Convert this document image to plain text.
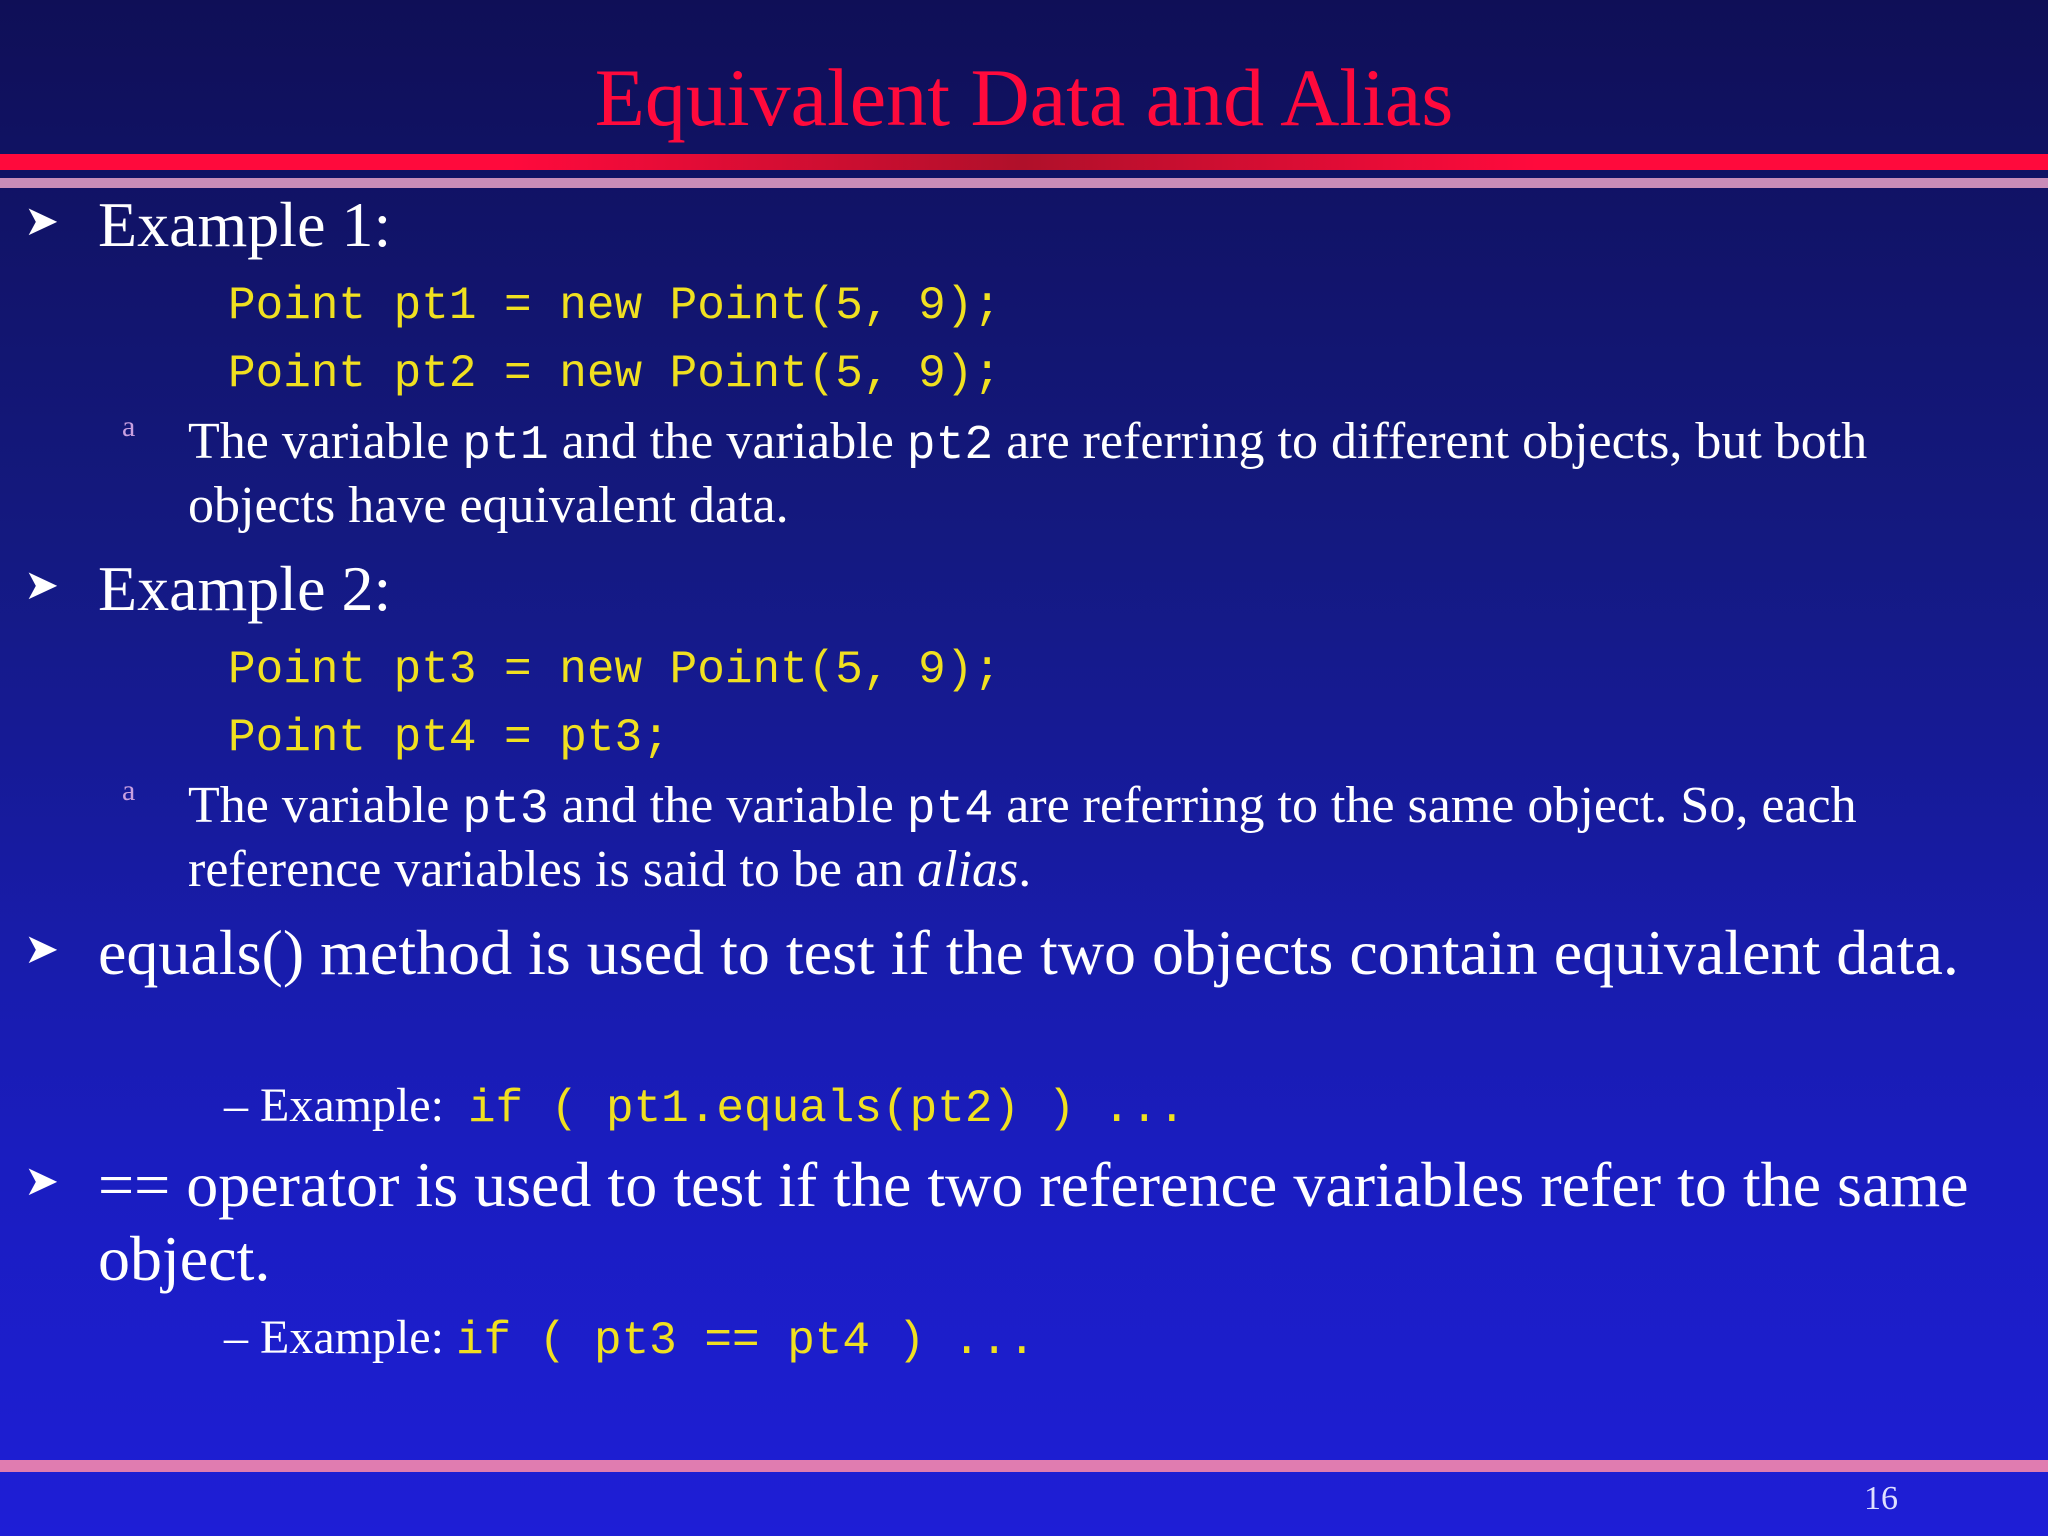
Equivalent Data and Alias
➤ Example 1:
Point pt1 = new Point(5, 9);
Point pt2 = new Point(5, 9);
a The variable pt1 and the variable pt2 are referring to different objects, but both objects have equivalent data.
➤ Example 2:
Point pt3 = new Point(5, 9);
Point pt4 = pt3;
a The variable pt3 and the variable pt4 are referring to the same object. So, each reference variables is said to be an alias.
➤ equals() method is used to test if the two objects contain equivalent data.
– Example: if ( pt1.equals(pt2) ) ...
➤ == operator is used to test if the two reference variables refer to the same object.
– Example: if ( pt3 == pt4 ) ...
16
